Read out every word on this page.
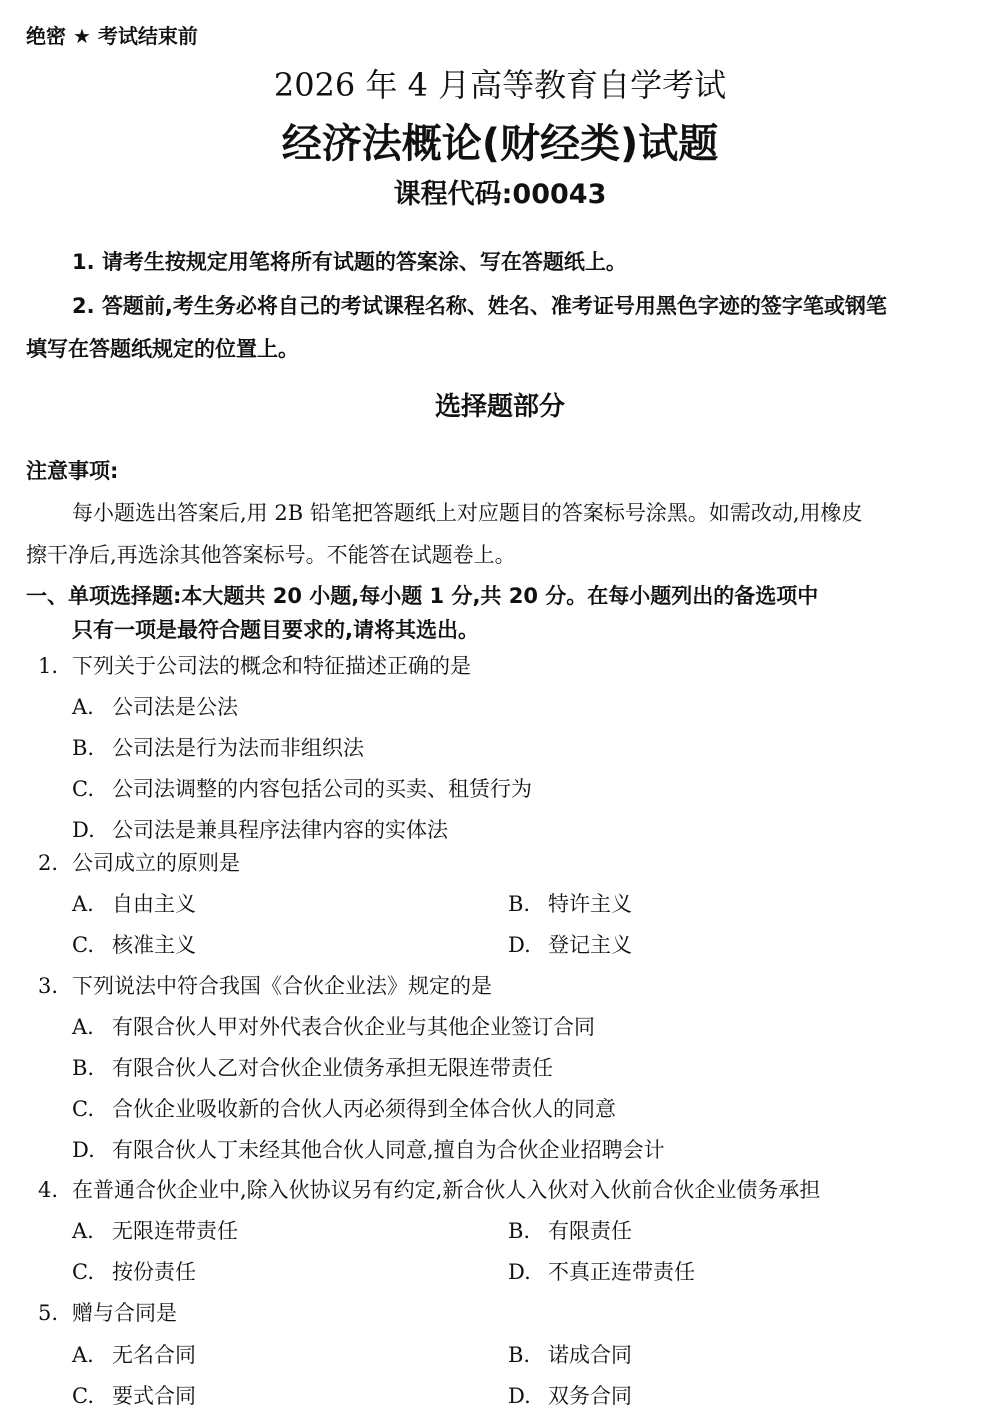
绝密 ★ 考试结束前
2026 年 4 月高等教育自学考试
经济法概论(财经类)试题
课程代码:00043
1. 请考生按规定用笔将所有试题的答案涂、写在答题纸上。
2. 答题前,考生务必将自己的考试课程名称、姓名、准考证号用黑色字迹的签字笔或钢笔
填写在答题纸规定的位置上。
选择题部分
注意事项:
每小题选出答案后,用 2B 铅笔把答题纸上对应题目的答案标号涂黑。如需改动,用橡皮
擦干净后,再选涂其他答案标号。不能答在试题卷上。
一、单项选择题:本大题共 20 小题,每小题 1 分,共 20 分。在每小题列出的备选项中
只有一项是最符合题目要求的,请将其选出。
1. 下列关于公司法的概念和特征描述正确的是
A. 公司法是公法
B. 公司法是行为法而非组织法
C. 公司法调整的内容包括公司的买卖、租赁行为
D. 公司法是兼具程序法律内容的实体法
2. 公司成立的原则是
A. 自由主义	B. 特许主义
C. 核准主义	D. 登记主义
3. 下列说法中符合我国《合伙企业法》规定的是
A. 有限合伙人甲对外代表合伙企业与其他企业签订合同
B. 有限合伙人乙对合伙企业债务承担无限连带责任
C. 合伙企业吸收新的合伙人丙必须得到全体合伙人的同意
D. 有限合伙人丁未经其他合伙人同意,擅自为合伙企业招聘会计
4. 在普通合伙企业中,除入伙协议另有约定,新合伙人入伙对入伙前合伙企业债务承担
A. 无限连带责任	B. 有限责任
C. 按份责任	D. 不真正连带责任
5. 赠与合同是
A. 无名合同	B. 诺成合同
C. 要式合同	D. 双务合同
